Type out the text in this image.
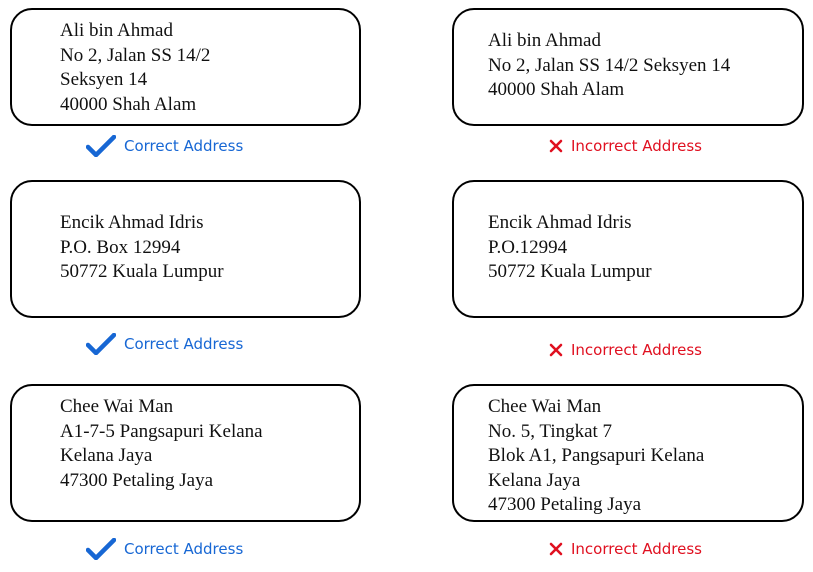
Ali bin Ahmad
No 2, Jalan SS 14/2
Seksyen 14
40000 Shah Alam
Ali bin Ahmad
No 2, Jalan SS 14/2 Seksyen 14
40000 Shah Alam
Correct Address	Incorrect Address
Encik Ahmad Idris
P.O. Box 12994
50772 Kuala Lumpur
Encik Ahmad Idris
P.O.12994
50772 Kuala Lumpur
Correct Address	Incorrect Address
Chee Wai Man
A1-7-5 Pangsapuri Kelana
Kelana Jaya
47300 Petaling Jaya
Chee Wai Man
No. 5, Tingkat 7
Blok A1, Pangsapuri Kelana
Kelana Jaya
47300 Petaling Jaya
Correct Address	Incorrect Address
